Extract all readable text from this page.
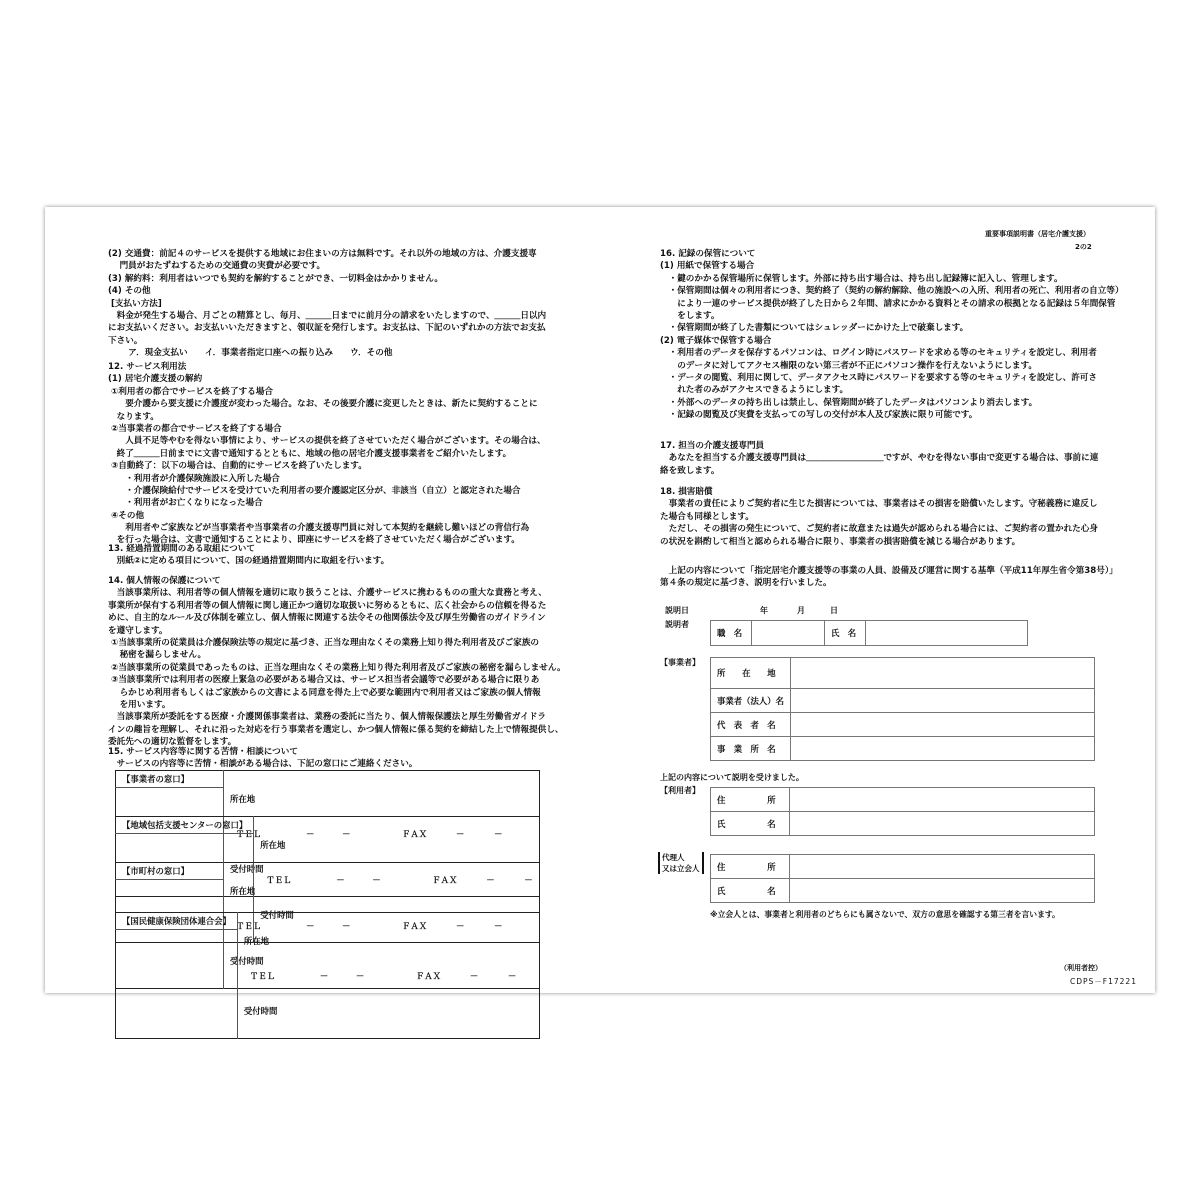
(2) 交通費：前記４のサービスを提供する地域にお住まいの方は無料です。それ以外の地域の方は、介護支援専
　 門員がおたずねするための交通費の実費が必要です。
(3) 解約料：利用者はいつでも契約を解約することができ、一切料金はかかりません。
(4) その他
[支払い方法]
　料金が発生する場合、月ごとの精算とし、毎月、＿＿＿日までに前月分の請求をいたしますので、＿＿＿日以内
にお支払いください。お支払いいただきますと、領収証を発行します。お支払は、下記のいずれかの方法でお支払
下さい。
　　 ア．現金支払い　　イ．事業者指定口座への振り込み　　ウ．その他
12. サービス利用法
(1) 居宅介護支援の解約
①利用者の都合でサービスを終了する場合
　　要介護から要支援に介護度が変わった場合。なお、その後要介護に変更したときは、新たに契約することに
　なります。
②当事業者の都合でサービスを終了する場合
　　人員不足等やむを得ない事情により、サービスの提供を終了させていただく場合がございます。その場合は、
　終了＿＿＿日前までに文書で通知するとともに、地域の他の居宅介護支援事業者をご紹介いたします。
③自動終了：以下の場合は、自動的にサービスを終了いたします。
　　・利用者が介護保険施設に入所した場合
　　・介護保険給付でサービスを受けていた利用者の要介護認定区分が、非該当（自立）と認定された場合
　　・利用者がお亡くなりになった場合
④その他
　　利用者やご家族などが当事業者や当事業者の介護支援専門員に対して本契約を継続し難いほどの背信行為
　を行った場合は、文書で通知することにより、即座にサービスを終了させていただく場合がございます。
13. 経過措置期間のある取組について
　別紙②に定める項目について、国の経過措置期間内に取組を行います。
14. 個人情報の保護について
　当該事業所は、利用者等の個人情報を適切に取り扱うことは、介護サービスに携わるものの重大な責務と考え、
事業所が保有する利用者等の個人情報に関し適正かつ適切な取扱いに努めるともに、広く社会からの信頼を得るた
めに、自主的なルール及び体制を確立し、個人情報に関連する法令その他関係法令及び厚生労働省のガイドライン
を遵守します。
①当該事業所の従業員は介護保険法等の規定に基づき、正当な理由なくその業務上知り得た利用者及びご家族の
　 秘密を漏らしません。
②当該事業所の従業員であったものは、正当な理由なくその業務上知り得た利用者及びご家族の秘密を漏らしません。
③当該事業所では利用者の医療上緊急の必要がある場合又は、サービス担当者会議等で必要がある場合に限りあ
　 らかじめ利用者もしくはご家族からの文書による同意を得た上で必要な範囲内で利用者又はご家族の個人情報
　 を用います。
　当該事業所が委託をする医療・介護関係事業者は、業務の委託に当たり、個人情報保護法と厚生労働省ガイドラ
インの趣旨を理解し、それに沿った対応を行う事業者を選定し、かつ個人情報に係る契約を締結した上で情報提供し、
委託先への適切な監督をします。
15. サービス内容等に関する苦情・相談について
　サービスの内容等に苦情・相談がある場合は、下記の窓口にご連絡ください。
【事業者の窓口】	

所在地

ＴＥＬ	－	－	ＦＡＸ	－	－

受付時間

【地域包括支援センターの窓口】	

所在地

ＴＥＬ	－	－	ＦＡＸ	－	－

受付時間

【市町村の窓口】	

所在地

ＴＥＬ	－	－	ＦＡＸ	－	－

受付時間

【国民健康保険団体連合会】	

所在地

ＴＥＬ	－	－	ＦＡＸ	－	－

受付時間

重要事項説明書（居宅介護支援）
2の2
16. 記録の保管について
(1) 用紙で保管する場合
　・鍵のかかる保管場所に保管します。外部に持ち出す場合は、持ち出し記録簿に記入し、管理します。
　・保管期間は個々の利用者につき、契約終了（契約の解約解除、他の施設への入所、利用者の死亡、利用者の自立等）
　　により一連のサービス提供が終了した日から２年間、請求にかかる資料とその請求の根拠となる記録は５年間保管
　　をします。
　・保管期間が終了した書類についてはシュレッダーにかけた上で破棄します。
(2) 電子媒体で保管する場合
　・利用者のデータを保存するパソコンは、ログイン時にパスワードを求める等のセキュリティを設定し、利用者
　　のデータに対してアクセス権限のない第三者が不正にパソコン操作を行えないようにします。
　・データの閲覧、利用に関して、データアクセス時にパスワードを要求する等のセキュリティを設定し、許可さ
　　れた者のみがアクセスできるようにします。
　・外部へのデータの持ち出しは禁止し、保管期間が終了したデータはパソコンより消去します。
　・記録の閲覧及び実費を支払っての写しの交付が本人及び家族に限り可能です。
17. 担当の介護支援専門員
　あなたを担当する介護支援専門員は＿＿＿＿＿＿＿＿＿ですが、やむを得ない事由で変更する場合は、事前に連
絡を致します。
18. 損害賠償
　事業者の責任によりご契約者に生じた損害については、事業者はその損害を賠償いたします。守秘義務に違反し
た場合も同様とします。
　ただし、その損害の発生について、ご契約者に故意または過失が認められる場合には、ご契約者の置かれた心身
の状況を斟酌して相当と認められる場合に限り、事業者の損害賠償を減じる場合があります。
　上記の内容について「指定居宅介護支援等の事業の人員、設備及び運営に関する基準（平成11年厚生省令第38号）」
第４条の規定に基づき、説明を行いました。
説明日	年	月	日
説明者
職　名		氏　名	
【事業者】
所　　在　　地	
事業者（法人）名	
代　表　者　名	
事　業　所　名	
上記の内容について説明を受けました。
【利用者】
住　　　　　所	
氏　　　　　名	
代理人
又は立会人 住　　　　　所	
氏　　　　　名	
※立会人とは、事業者と利用者のどちらにも属さないで、双方の意思を確認する第三者を言います。
（利用者控）
CDPS－F17221
